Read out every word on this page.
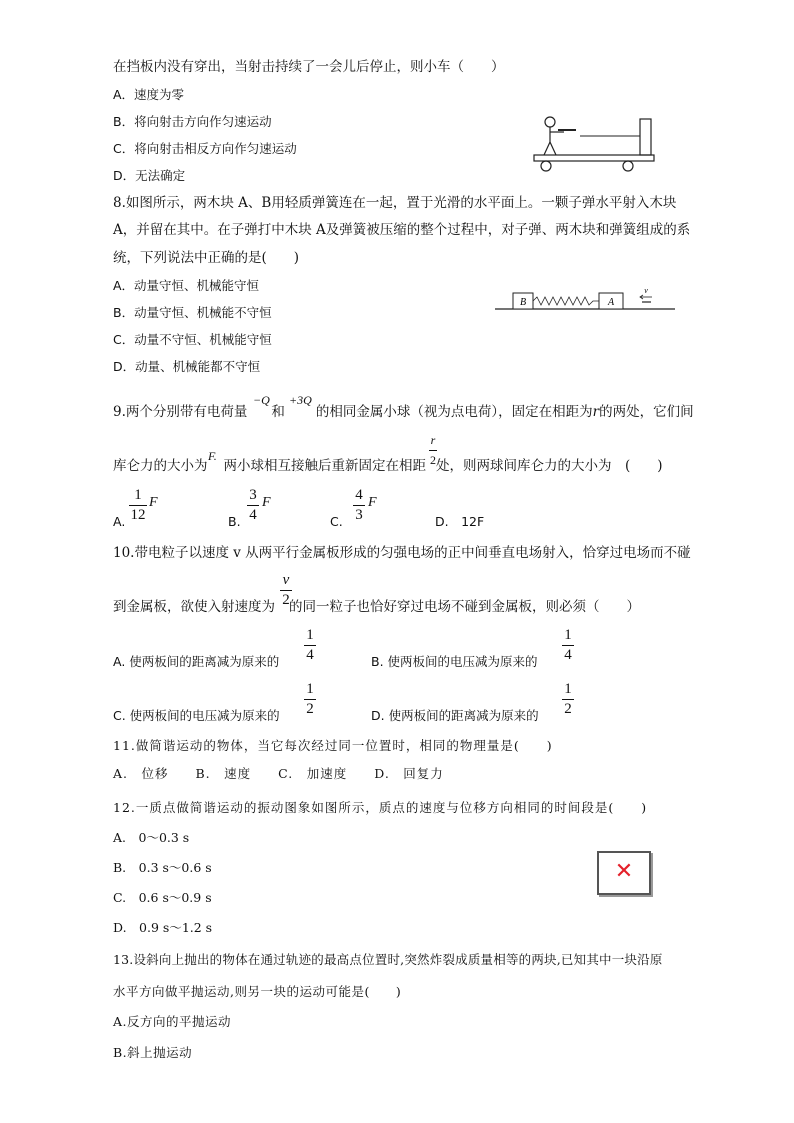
在挡板内没有穿出，当射击持续了一会儿后停止，则小车（　　）
A．速度为零
B．将向射击方向作匀速运动
C．将向射击相反方向作匀速运动
D．无法确定
8.如图所示，两木块 A、B用轻质弹簧连在一起，置于光滑的水平面上。一颗子弹水平射入木块
A，并留在其中。在子弹打中木块 A及弹簧被压缩的整个过程中，对子弹、两木块和弹簧组成的系
统，下列说法中正确的是(　　)
A．动量守恒、机械能守恒
B．动量守恒、机械能不守恒
C．动量不守恒、机械能守恒
D．动量、机械能都不守恒
B	A
v
9.两个分别带有电荷量 和 的相同金属小球（视为点电荷），固定在相距为r的两处，它们间
−Q +3Q
库仑力的大小为 两小球相互接触后重新固定在相距 处，则两球间库仑力的大小为　(　　)
F.
r
2
A.
1
12
F
B.
3
4
F
C.
4
3
F
D.　12F
10.带电粒子以速度 v 从两平行金属板形成的匀强电场的正中间垂直电场射入，恰穿过电场而不碰
到金属板，欲使入射速度为 的同一粒子也恰好穿过电场不碰到金属板，则必须（　　）
v
2
A. 使两板间的距离减为原来的
1
4	B. 使两板间的电压减为原来的
1
4
C. 使两板间的电压减为原来的
1
2	D. 使两板间的距离减为原来的
1
2
11.做简谐运动的物体，当它每次经过同一位置时，相同的物理量是(　　)
A.　位移　　B.　速度　　C.　加速度　　D.　回复力
12.一质点做简谐运动的振动图象如图所示，质点的速度与位移方向相同的时间段是(　　)
A.　0～0.3 s
B.　0.3 s～0.6 s
C.　0.6 s～0.9 s
D.　0.9 s～1.2 s
✕
13.设斜向上抛出的物体在通过轨迹的最高点位置时,突然炸裂成质量相等的两块,已知其中一块沿原
水平方向做平抛运动,则另一块的运动可能是(　　)
A.反方向的平抛运动
B.斜上抛运动
